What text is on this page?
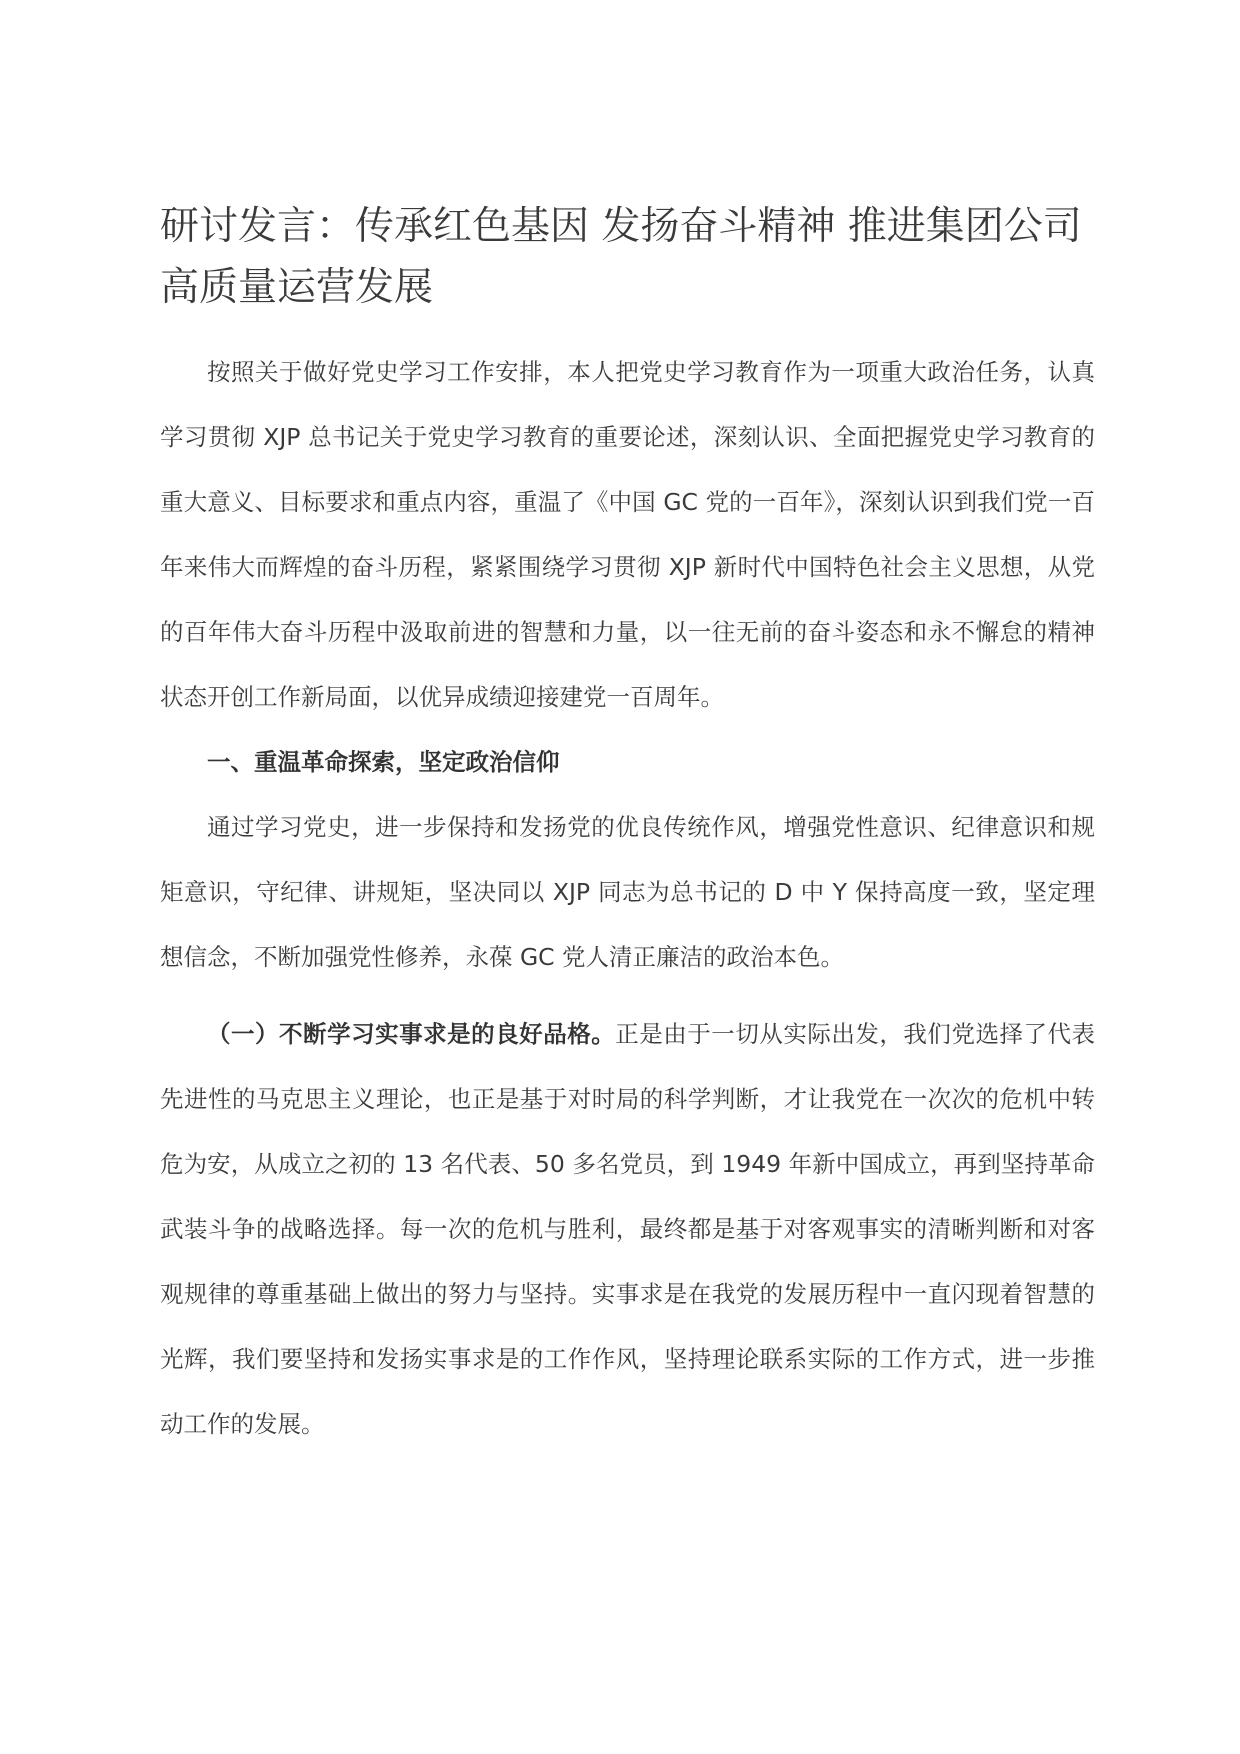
研讨发言：传承红色基因 发扬奋斗精神 推进集团公司高质量运营发展

按照关于做好党史学习工作安排，本人把党史学习教育作为一项重大政治任务，认真学习贯彻 XJP 总书记关于党史学习教育的重要论述，深刻认识、全面把握党史学习教育的重大意义、目标要求和重点内容，重温了《中国 GC 党的一百年》，深刻认识到我们党一百年来伟大而辉煌的奋斗历程，紧紧围绕学习贯彻 XJP 新时代中国特色社会主义思想，从党的百年伟大奋斗历程中汲取前进的智慧和力量，以一往无前的奋斗姿态和永不懈怠的精神状态开创工作新局面，以优异成绩迎接建党一百周年。

一、重温革命探索，坚定政治信仰

通过学习党史，进一步保持和发扬党的优良传统作风，增强党性意识、纪律意识和规矩意识，守纪律、讲规矩，坚决同以 XJP 同志为总书记的 D 中 Y 保持高度一致，坚定理想信念，不断加强党性修养，永葆 GC 党人清正廉洁的政治本色。

（一）不断学习实事求是的良好品格。正是由于一切从实际出发，我们党选择了代表先进性的马克思主义理论，也正是基于对时局的科学判断，才让我党在一次次的危机中转危为安，从成立之初的 13 名代表、50 多名党员，到 1949 年新中国成立，再到坚持革命武装斗争的战略选择。每一次的危机与胜利，最终都是基于对客观事实的清晰判断和对客观规律的尊重基础上做出的努力与坚持。实事求是在我党的发展历程中一直闪现着智慧的光辉，我们要坚持和发扬实事求是的工作作风，坚持理论联系实际的工作方式，进一步推动工作的发展。
